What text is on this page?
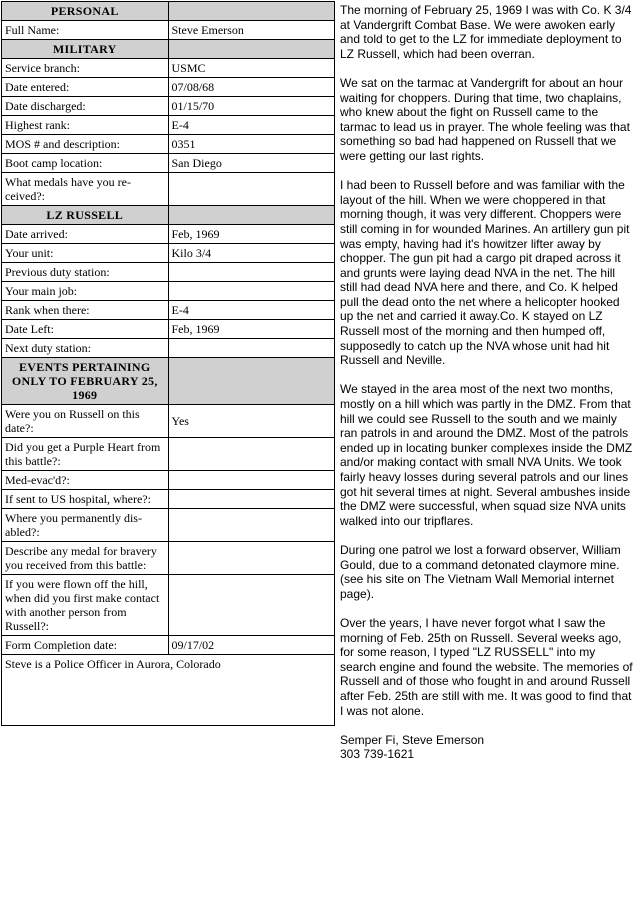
PERSONAL	
Full Name:	Steve Emerson
MILITARY	
Service branch:	USMC
Date entered:	07/08/68
Date discharged:	01/15/70
Highest rank:	E-4
MOS # and description:	0351
Boot camp location:	San Diego
What medals have you re-ceived?:	
LZ RUSSELL	
Date arrived:	Feb, 1969
Your unit:	Kilo 3/4
Previous duty station:	
Your main job:	
Rank when there:	E-4
Date Left:	Feb, 1969
Next duty station:	
EVENTS PERTAINING ONLY TO FEBRUARY 25, 1969	
Were you on Russell on this date?:	Yes
Did you get a Purple Heart from this battle?:	
Med-evac'd?:	
If sent to US hospital, where?:	
Where you permanently dis-abled?:	
Describe any medal for bravery you received from this battle:	
If you were flown off the hill, when did you first make contact with another person from Russell?:	
Form Completion date:	09/17/02
Steve is a Police Officer in Aurora, Colorado	

The morning of February 25, 1969 I was with Co. K 3/4 at Vandergrift Combat Base. We were awoken early and told to get to the LZ for immediate deployment to LZ Russell, which had been overran.

We sat on the tarmac at Vandergrift for about an hour waiting for choppers. During that time, two chaplains, who knew about the fight on Russell came to the tarmac to lead us in prayer. The whole feeling was that something so bad had happened on Russell that we were getting our last rights.

I had been to Russell before and was familiar with the layout of the hill. When we were choppered in that morning though, it was very different. Choppers were still coming in for wounded Marines. An artillery gun pit was empty, having had it's howitzer lifter away by chopper. The gun pit had a cargo pit draped across it and grunts were laying dead NVA in the net. The hill still had dead NVA here and there, and Co. K helped pull the dead onto the net where a helicopter hooked up the net and carried it away.Co. K stayed on LZ Russell most of the morning and then humped off, supposedly to catch up the NVA whose unit had hit Russell and Neville.

We stayed in the area most of the next two months, mostly on a hill which was partly in the DMZ. From that hill we could see Russell to the south and we mainly ran patrols in and around the DMZ. Most of the patrols ended up in locating bunker complexes inside the DMZ and/or making contact with small NVA Units. We took fairly heavy losses during several patrols and our lines got hit several times at night. Several ambushes inside the DMZ were successful, when squad size NVA units walked into our tripflares.

During one patrol we lost a forward observer, William Gould, due to a command detonated claymore mine. (see his site on The Vietnam Wall Memorial internet page).

Over the years, I have never forgot what I saw the morning of Feb. 25th on Russell. Several weeks ago, for some reason, I typed "LZ RUSSELL" into my search engine and found the website. The memories of Russell and of those who fought in and around Russell after Feb. 25th are still with me. It was good to find that I was not alone.

Semper Fi, Steve Emerson
303 739-1621
